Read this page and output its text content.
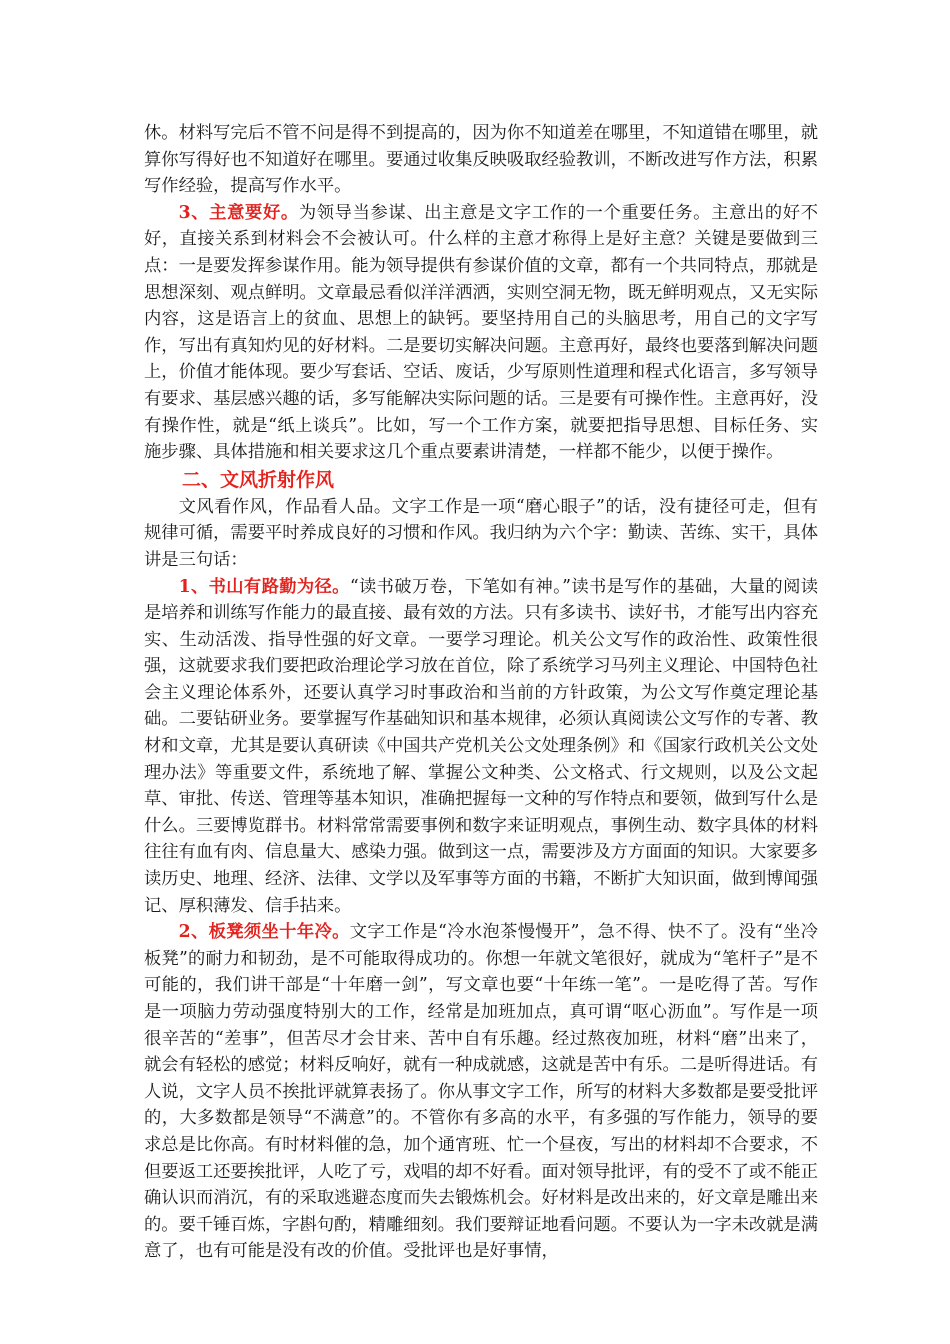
休。材料写完后不管不问是得不到提高的，因为你不知道差在哪里，不知道错在哪里，就算你写得好也不知道好在哪里。要通过收集反映吸取经验教训，不断改进写作方法，积累写作经验，提高写作水平。

3、主意要好。为领导当参谋、出主意是文字工作的一个重要任务。主意出的好不好，直接关系到材料会不会被认可。什么样的主意才称得上是好主意？关键是要做到三点：一是要发挥参谋作用。能为领导提供有参谋价值的文章，都有一个共同特点，那就是思想深刻、观点鲜明。文章最忌看似洋洋洒洒，实则空洞无物，既无鲜明观点，又无实际内容，这是语言上的贫血、思想上的缺钙。要坚持用自己的头脑思考，用自己的文字写作，写出有真知灼见的好材料。二是要切实解决问题。主意再好，最终也要落到解决问题上，价值才能体现。要少写套话、空话、废话，少写原则性道理和程式化语言，多写领导有要求、基层感兴趣的话，多写能解决实际问题的话。三是要有可操作性。主意再好，没有操作性，就是“纸上谈兵”。比如，写一个工作方案，就要把指导思想、目标任务、实施步骤、具体措施和相关要求这几个重点要素讲清楚，一样都不能少，以便于操作。

二、文风折射作风

文风看作风，作品看人品。文字工作是一项“磨心眼子”的话，没有捷径可走，但有规律可循，需要平时养成良好的习惯和作风。我归纳为六个字：勤读、苦练、实干，具体讲是三句话：

1、书山有路勤为径。“读书破万卷，下笔如有神。”读书是写作的基础，大量的阅读是培养和训练写作能力的最直接、最有效的方法。只有多读书、读好书，才能写出内容充实、生动活泼、指导性强的好文章。一要学习理论。机关公文写作的政治性、政策性很强，这就要求我们要把政治理论学习放在首位，除了系统学习马列主义理论、中国特色社会主义理论体系外，还要认真学习时事政治和当前的方针政策，为公文写作奠定理论基础。二要钻研业务。要掌握写作基础知识和基本规律，必须认真阅读公文写作的专著、教材和文章，尤其是要认真研读《中国共产党机关公文处理条例》和《国家行政机关公文处理办法》等重要文件，系统地了解、掌握公文种类、公文格式、行文规则，以及公文起草、审批、传送、管理等基本知识，准确把握每一文种的写作特点和要领，做到写什么是什么。三要博览群书。材料常常需要事例和数字来证明观点，事例生动、数字具体的材料往往有血有肉、信息量大、感染力强。做到这一点，需要涉及方方面面的知识。大家要多读历史、地理、经济、法律、文学以及军事等方面的书籍，不断扩大知识面，做到博闻强记、厚积薄发、信手拈来。

2、板凳须坐十年冷。文字工作是“冷水泡茶慢慢开”，急不得、快不了。没有“坐冷板凳”的耐力和韧劲，是不可能取得成功的。你想一年就文笔很好，就成为“笔杆子”是不可能的，我们讲干部是“十年磨一剑”，写文章也要“十年练一笔”。一是吃得了苦。写作是一项脑力劳动强度特别大的工作，经常是加班加点，真可谓“呕心沥血”。写作是一项很辛苦的“差事”，但苦尽才会甘来、苦中自有乐趣。经过熬夜加班，材料“磨”出来了，就会有轻松的感觉；材料反响好，就有一种成就感，这就是苦中有乐。二是听得进话。有人说，文字人员不挨批评就算表扬了。你从事文字工作，所写的材料大多数都是要受批评的，大多数都是领导“不满意”的。不管你有多高的水平，有多强的写作能力，领导的要求总是比你高。有时材料催的急，加个通宵班、忙一个昼夜，写出的材料却不合要求，不但要返工还要挨批评，人吃了亏，戏唱的却不好看。面对领导批评，有的受不了或不能正确认识而消沉，有的采取逃避态度而失去锻炼机会。好材料是改出来的，好文章是雕出来的。要千锤百炼，字斟句酌，精雕细刻。我们要辩证地看问题。不要认为一字未改就是满意了，也有可能是没有改的价值。受批评也是好事情，
